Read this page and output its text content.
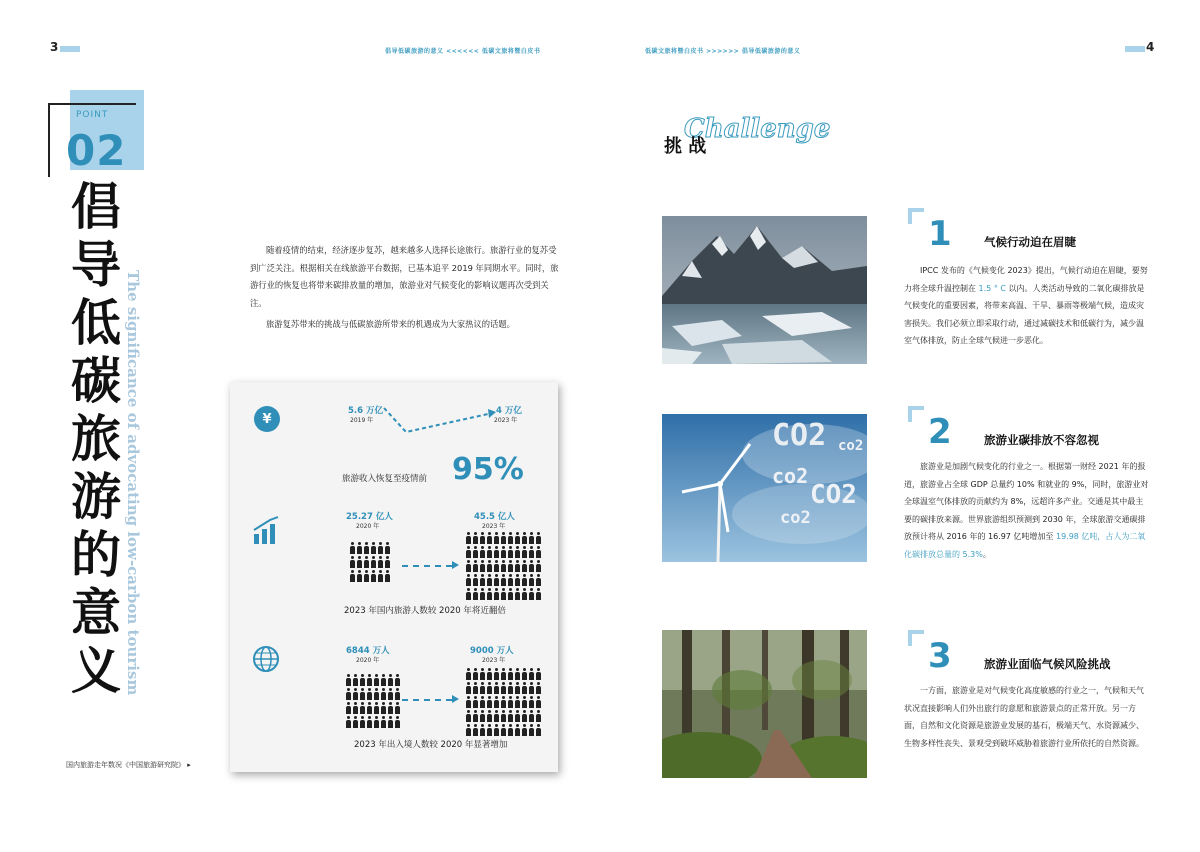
3	倡导低碳旅游的意义 <<<<<< 低碳文旅将暨白皮书	低碳文旅将暨白皮书 >>>>>> 倡导低碳旅游的意义	4
POINT
02
倡
导
低
碳
旅
游
的
意
义 The significance of advocating low-carbon tourism

随着疫情的结束，经济逐步复苏，越来越多人选择长途旅行。旅游行业的复苏受到广泛关注。根据相关在线旅游平台数据，已基本追平 2019 年同期水平。同时，旅游行业的恢复也将带来碳排放量的增加，旅游业对气候变化的影响议题再次受到关注。

旅游复苏带来的挑战与低碳旅游所带来的机遇成为大家热议的话题。

¥
5.6 万亿
2019 年
4 万亿
2023 年
旅游收入恢复至疫情前 95%
25.27 亿人
2020 年
45.5 亿人
2023 年
2023 年国内旅游人数较 2020 年将近翻倍
6844 万人
2020 年
9000 万人
2023 年
2023 年出入境人数较 2020 年显著增加
国内旅游走年数况《中国旅游研究院》 ▸
Challenge
挑 战
CO2
co2
CO2
co2
co2
1	气候行动迫在眉睫
IPCC 发布的《气候变化 2023》提出，气候行动迫在眉睫，要努力将全球升温控制在 1.5 ° C 以内。人类活动导致的二氧化碳排放是气候变化的重要因素，将带来高温、干旱、暴雨等极端气候，造成灾害损失。我们必须立即采取行动，通过减碳技术和低碳行为，减少温室气体排放，防止全球气候进一步恶化。
2	旅游业碳排放不容忽视
旅游业是加剧气候变化的行业之一。根据第一财经 2021 年的报道，旅游业占全球 GDP 总量约 10% 和就业的 9%，同时，旅游业对全球温室气体排放的贡献约为 8%，远超许多产业。交通是其中最主要的碳排放来源。世界旅游组织预测到 2030 年，全球旅游交通碳排放预计将从 2016 年的 16.97 亿吨增加至 19.98 亿吨，占人为二氧化碳排放总量的 5.3%。
3	旅游业面临气候风险挑战
一方面，旅游业是对气候变化高度敏感的行业之一，气候和天气状况直接影响人们外出旅行的意愿和旅游景点的正常开放。另一方面，自然和文化资源是旅游业发展的基石，极端天气、水资源减少、生物多样性丧失、景观受到破坏威胁着旅游行业所依托的自然资源。
